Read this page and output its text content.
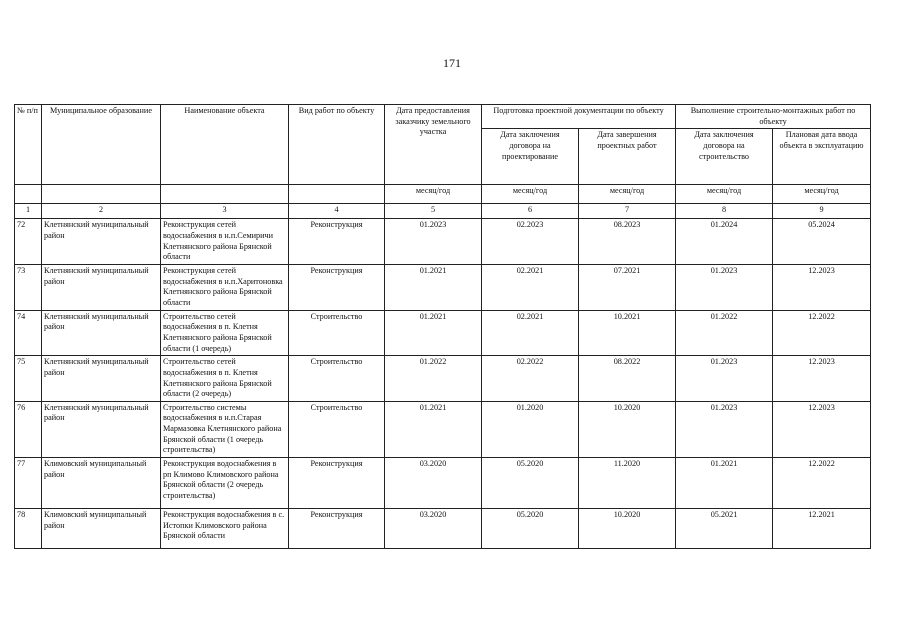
171
№ п/п	Муниципальное образование	Наименование объекта	Вид работ по объекту	Дата предоставления заказчику земельного участка	Подготовка проектной документации по объекту		Выполнение строительно-монтажных работ по объекту	
					Дата заключения договора на проектирование	Дата завершения проектных работ	Дата заключения договора на строительство	Плановая дата ввода объекта в эксплуатацию
				месяц/год	месяц/год	месяц/год	месяц/год	месяц/год
1	2	3	4	5	6	7	8	9
72	Клетнянский муниципальный район	Реконструкция сетей водоснабжения в н.п.Семиричи Клетнянского района Брянской области	Реконструкция	01.2023	02.2023	08.2023	01.2024	05.2024
73	Клетнянский муниципальный район	Реконструкция сетей водоснабжения в н.п.Харитоновка Клетнянского района Брянской области	Реконструкция	01.2021	02.2021	07.2021	01.2023	12.2023
74	Клетнянский муниципальный район	Строительство сетей водоснабжения в п. Клетня Клетнянского района Брянской области (1 очередь)	Строительство	01.2021	02.2021	10.2021	01.2022	12.2022
75	Клетнянский муниципальный район	Строительство сетей водоснабжения в п. Клетня Клетнянского района Брянской области (2 очередь)	Строительство	01.2022	02.2022	08.2022	01.2023	12.2023
76	Клетнянский муниципальный район	Строительство системы водоснабжения в н.п.Старая Мармазовка Клетнянского района Брянской области (1 очередь строительства)	Строительство	01.2021	01.2020	10.2020	01.2023	12.2023
77	Климовский муниципальный район	Реконструкция водоснабжения в рп Климово Климовского района Брянской области (2 очередь строительства)	Реконструкция	03.2020	05.2020	11.2020	01.2021	12.2022
78	Климовский муниципальный район	Реконструкция водоснабжения в с. Истопки Климовского района Брянской области	Реконструкция	03.2020	05.2020	10.2020	05.2021	12.2021
